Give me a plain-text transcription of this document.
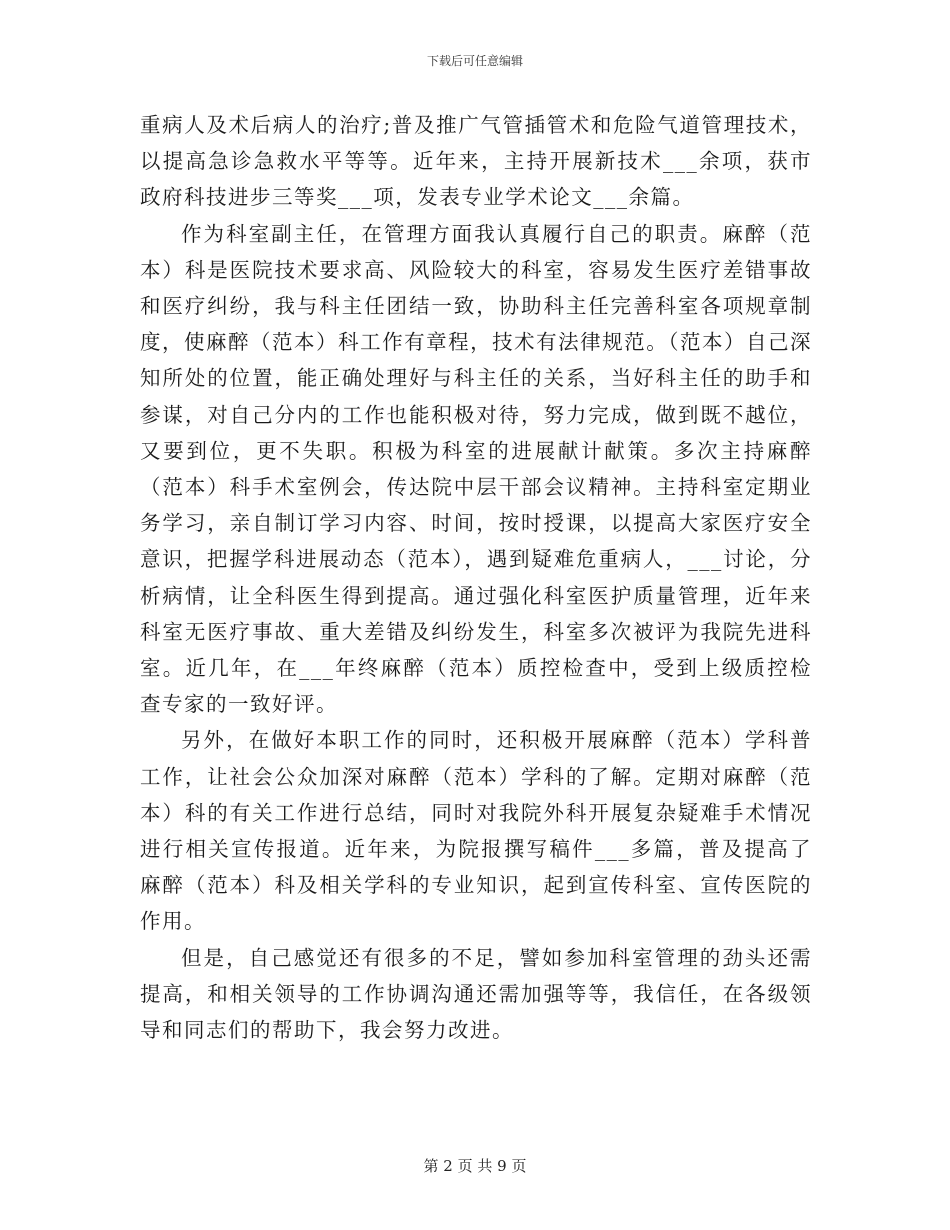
下载后可任意编辑

重病人及术后病人的治疗;普及推广气管插管术和危险气道管理技术，以提高急诊急救水平等等。近年来，主持开展新技术___余项，获市政府科技进步三等奖___项，发表专业学术论文___余篇。

作为科室副主任，在管理方面我认真履行自己的职责。麻醉（范本）科是医院技术要求高、风险较大的科室，容易发生医疗差错事故和医疗纠纷，我与科主任团结一致，协助科主任完善科室各项规章制度，使麻醉（范本）科工作有章程，技术有法律规范。（范本）自己深知所处的位置，能正确处理好与科主任的关系，当好科主任的助手和参谋，对自己分内的工作也能积极对待，努力完成，做到既不越位，又要到位，更不失职。积极为科室的进展献计献策。多次主持麻醉（范本）科手术室例会，传达院中层干部会议精神。主持科室定期业务学习，亲自制订学习内容、时间，按时授课，以提高大家医疗安全意识，把握学科进展动态（范本），遇到疑难危重病人，___讨论，分析病情，让全科医生得到提高。通过强化科室医护质量管理，近年来科室无医疗事故、重大差错及纠纷发生，科室多次被评为我院先进科室。近几年，在___年终麻醉（范本）质控检查中，受到上级质控检查专家的一致好评。

另外，在做好本职工作的同时，还积极开展麻醉（范本）学科普工作，让社会公众加深对麻醉（范本）学科的了解。定期对麻醉（范本）科的有关工作进行总结，同时对我院外科开展复杂疑难手术情况进行相关宣传报道。近年来，为院报撰写稿件___多篇，普及提高了麻醉（范本）科及相关学科的专业知识，起到宣传科室、宣传医院的作用。

但是，自己感觉还有很多的不足，譬如参加科室管理的劲头还需提高，和相关领导的工作协调沟通还需加强等等，我信任，在各级领导和同志们的帮助下，我会努力改进。

第 2 页 共 9 页
